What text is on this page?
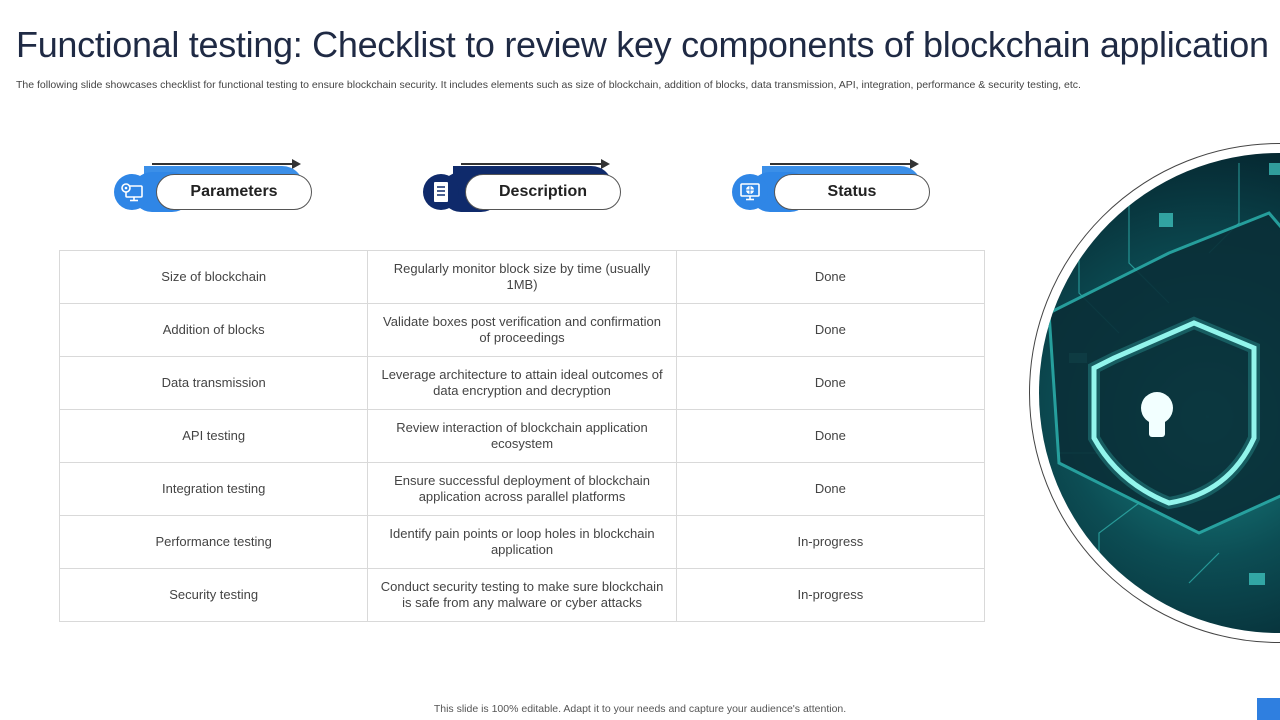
Functional testing: Checklist to review key components of blockchain application

The following slide showcases checklist for functional testing to ensure blockchain security. It includes elements such as size of blockchain, addition of blocks, data transmission, API, integration, performance & security testing, etc.

Parameters	Description	Status
Size of blockchain	Regularly monitor block size by time (usually 1MB)	Done
Addition of blocks	Validate boxes post verification and confirmation of proceedings	Done
Data transmission	Leverage architecture to attain ideal outcomes of data encryption and decryption	Done
API testing	Review interaction of blockchain application ecosystem	Done
Integration testing	Ensure successful deployment of blockchain application across parallel platforms	Done
Performance testing	Identify pain points or loop holes in blockchain application	In-progress
Security testing	Conduct security testing to make sure blockchain is safe from any malware or cyber attacks	In-progress
This slide is 100% editable. Adapt it to your needs and capture your audience's attention.
